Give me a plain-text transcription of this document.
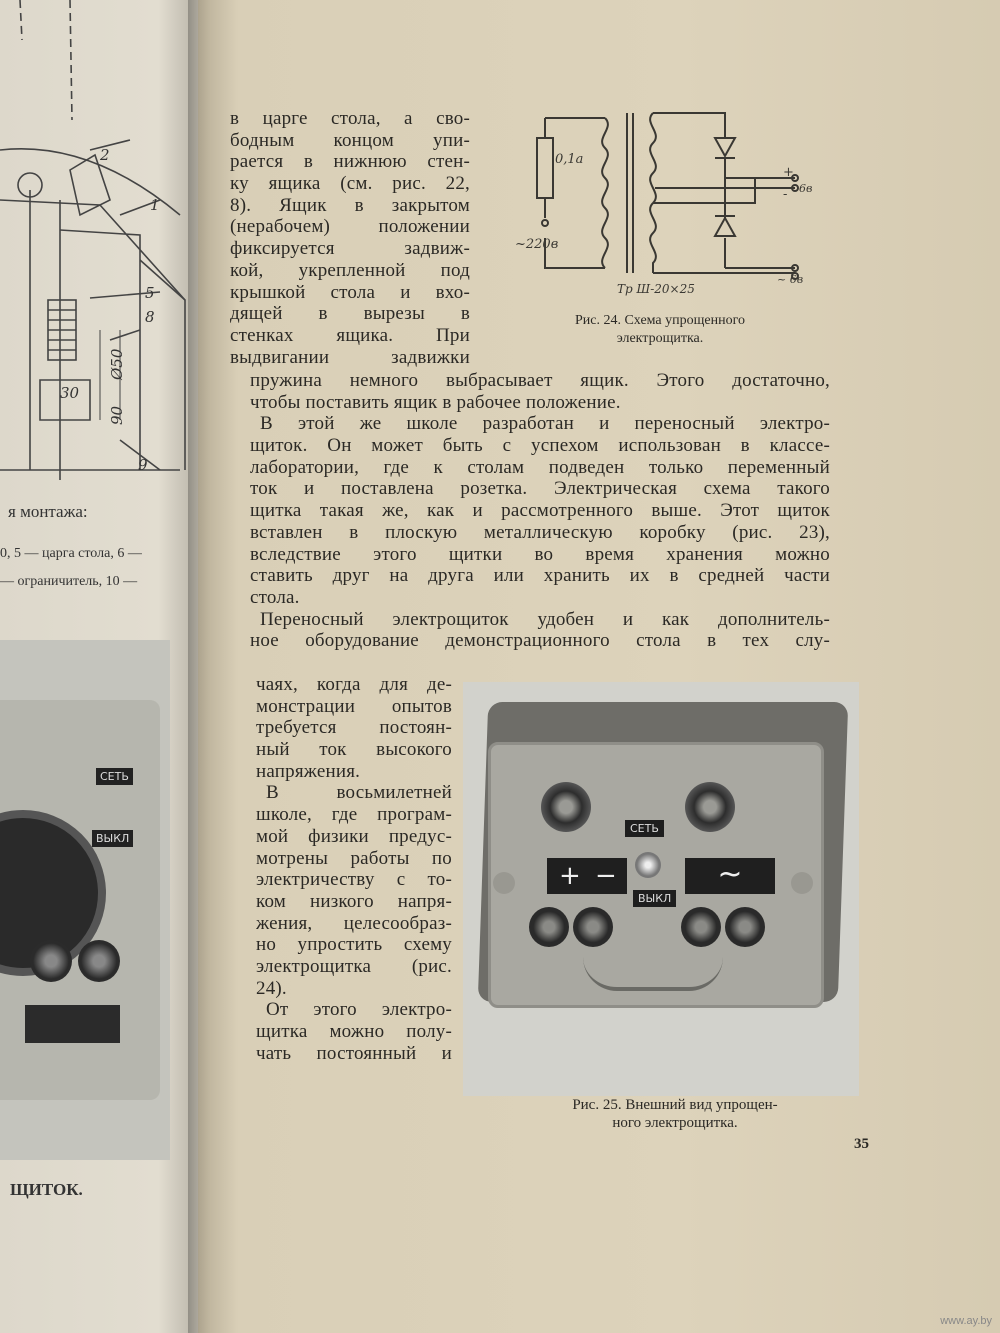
2
1
5
8
Ø50
90
30
9
я монтажа:
0, 5 — царга стола, 6 —
— ограничитель, 10 —
СЕТЬ
ВЫКЛ
ЩИТОК.
в царге стола, а сво-
бодным концом упи-
рается в нижнюю стен-
ку ящика (см. рис. 22,
8). Ящик в закрытом
(нерабочем) положении
фиксируется задвиж-
кой, укрепленной под
крышкой стола и вхо-
дящей в вырезы в
стенках ящика. При
выдвигании задвижки
0,1а
~220в
Тр Ш-20×25
+
- 6в
~ 6в
Рис. 24. Схема упрощенного
электрощитка.
пружина немного выбрасывает ящик. Этого достаточно,
чтобы поставить ящик в рабочее положение.
В этой же школе разработан и переносный электро-
щиток. Он может быть с успехом использован в классе-
лаборатории, где к столам подведен только переменный
ток и поставлена розетка. Электрическая схема такого
щитка такая же, как и рассмотренного выше. Этот щиток
вставлен в плоскую металлическую коробку (рис. 23),
вследствие этого щитки во время хранения можно
ставить друг на друга или хранить их в средней части
стола.
Переносный электрощиток удобен и как дополнитель-
ное оборудование демонстрационного стола в тех слу-
чаях, когда для де-
монстрации опытов
требуется постоян-
ный ток высокого
напряжения.
В восьмилетней
школе, где програм-
мой физики предус-
мотрены работы по
электричеству с то-
ком низкого напря-
жения, целесообраз-
но упростить схему
электрощитка (рис.
24).
От этого электро-
щитка можно полу-
чать постоянный и
СЕТЬ
+ −	~
ВЫКЛ
Рис. 25. Внешний вид упрощен-
ного электрощитка.
35
www.ay.by
